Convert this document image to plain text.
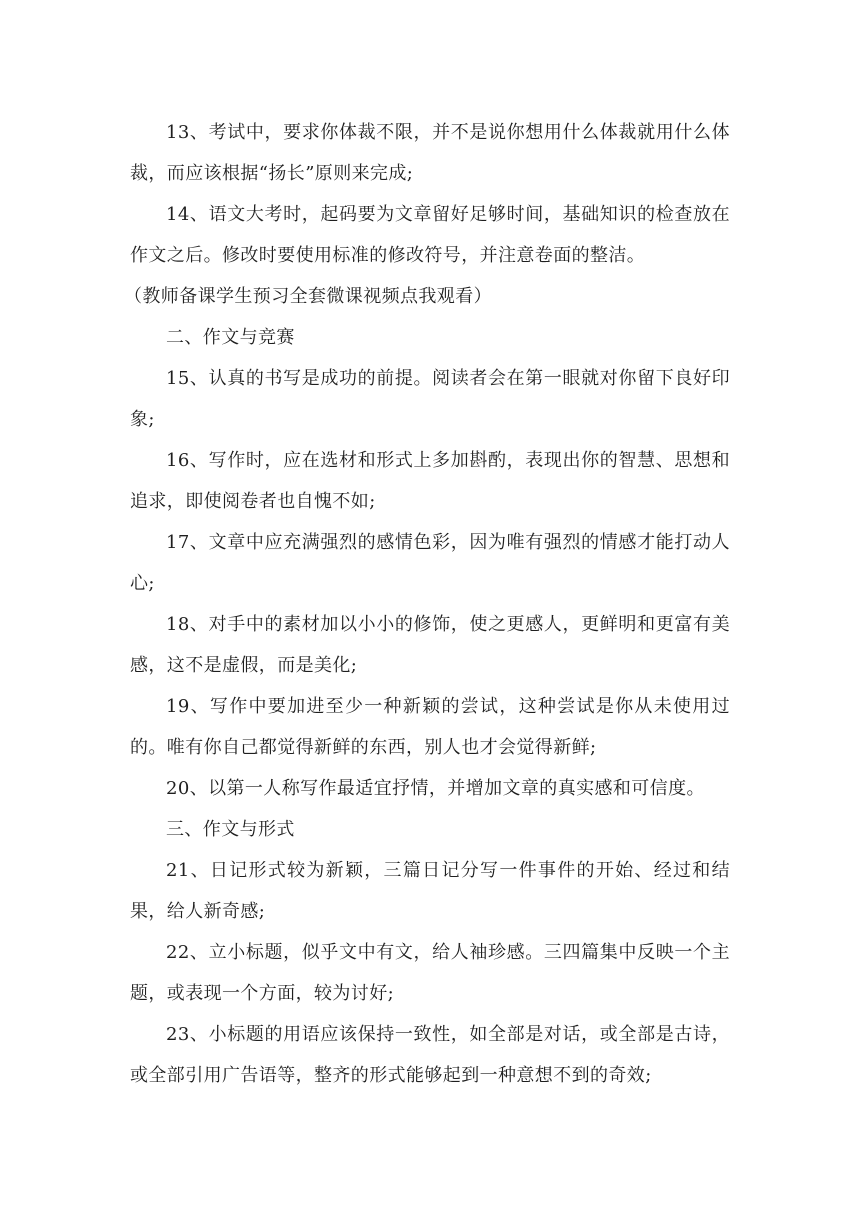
13、考试中，要求你体裁不限，并不是说你想用什么体裁就用什么体裁，而应该根据“扬长”原则来完成;

14、语文大考时，起码要为文章留好足够时间，基础知识的检查放在作文之后。修改时要使用标准的修改符号，并注意卷面的整洁。

（教师备课学生预习全套微课视频点我观看）

二、作文与竞赛

15、认真的书写是成功的前提。阅读者会在第一眼就对你留下良好印象;

16、写作时，应在选材和形式上多加斟酌，表现出你的智慧、思想和追求，即使阅卷者也自愧不如;

17、文章中应充满强烈的感情色彩，因为唯有强烈的情感才能打动人心;

18、对手中的素材加以小小的修饰，使之更感人，更鲜明和更富有美感，这不是虚假，而是美化;

19、写作中要加进至少一种新颖的尝试，这种尝试是你从未使用过的。唯有你自己都觉得新鲜的东西，别人也才会觉得新鲜;

20、以第一人称写作最适宜抒情，并增加文章的真实感和可信度。

三、作文与形式

21、日记形式较为新颖，三篇日记分写一件事件的开始、经过和结果，给人新奇感;

22、立小标题，似乎文中有文，给人袖珍感。三四篇集中反映一个主题，或表现一个方面，较为讨好;

23、小标题的用语应该保持一致性，如全部是对话，或全部是古诗，或全部引用广告语等，整齐的形式能够起到一种意想不到的奇效;
